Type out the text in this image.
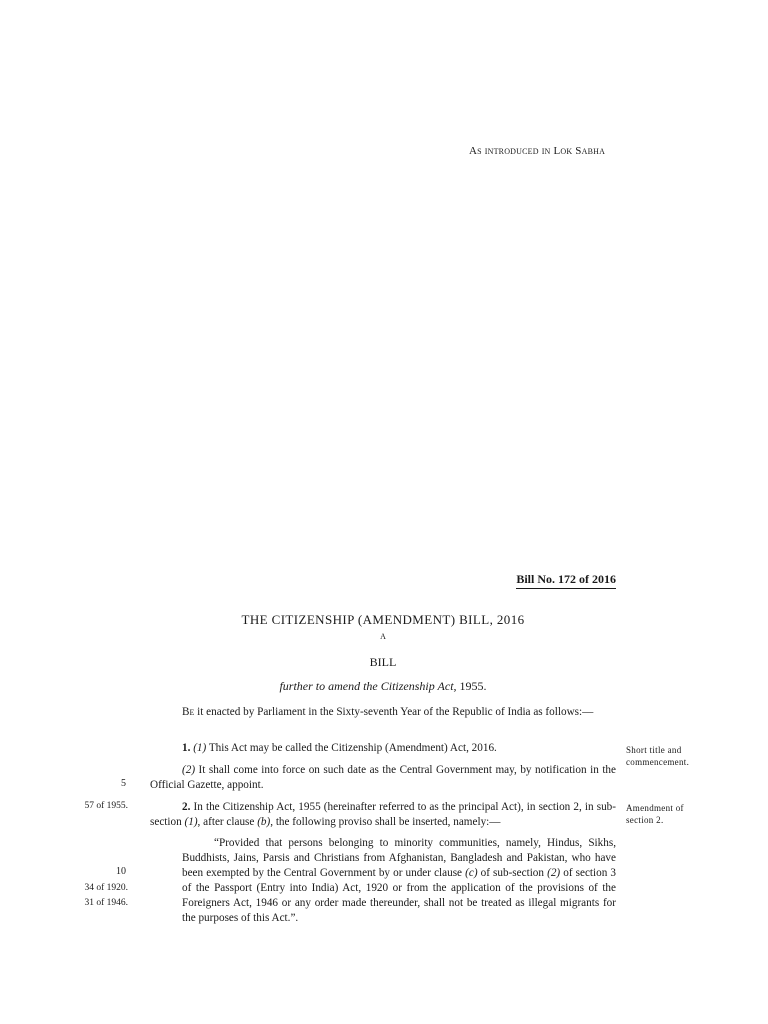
As introduced in Lok Sabha
Bill No. 172 of 2016
THE CITIZENSHIP (AMENDMENT) BILL, 2016
A
BILL
further to amend the Citizenship Act, 1955.
Be it enacted by Parliament in the Sixty-seventh Year of the Republic of India as follows:—
1. (1) This Act may be called the Citizenship (Amendment) Act, 2016.
(2) It shall come into force on such date as the Central Government may, by notification in the Official Gazette, appoint.
2. In the Citizenship Act, 1955 (hereinafter referred to as the principal Act), in section 2, in sub-section (1), after clause (b), the following proviso shall be inserted, namely:—
“Provided that persons belonging to minority communities, namely, Hindus, Sikhs, Buddhists, Jains, Parsis and Christians from Afghanistan, Bangladesh and Pakistan, who have been exempted by the Central Government by or under clause (c) of sub-section (2) of section 3 of the Passport (Entry into India) Act, 1920 or from the application of the provisions of the Foreigners Act, 1946 or any order made thereunder, shall not be treated as illegal migrants for the purposes of this Act.”.
5
10
57 of 1955.
34 of 1920.
31 of 1946.
Short title and commencement.
Amendment of section 2.
